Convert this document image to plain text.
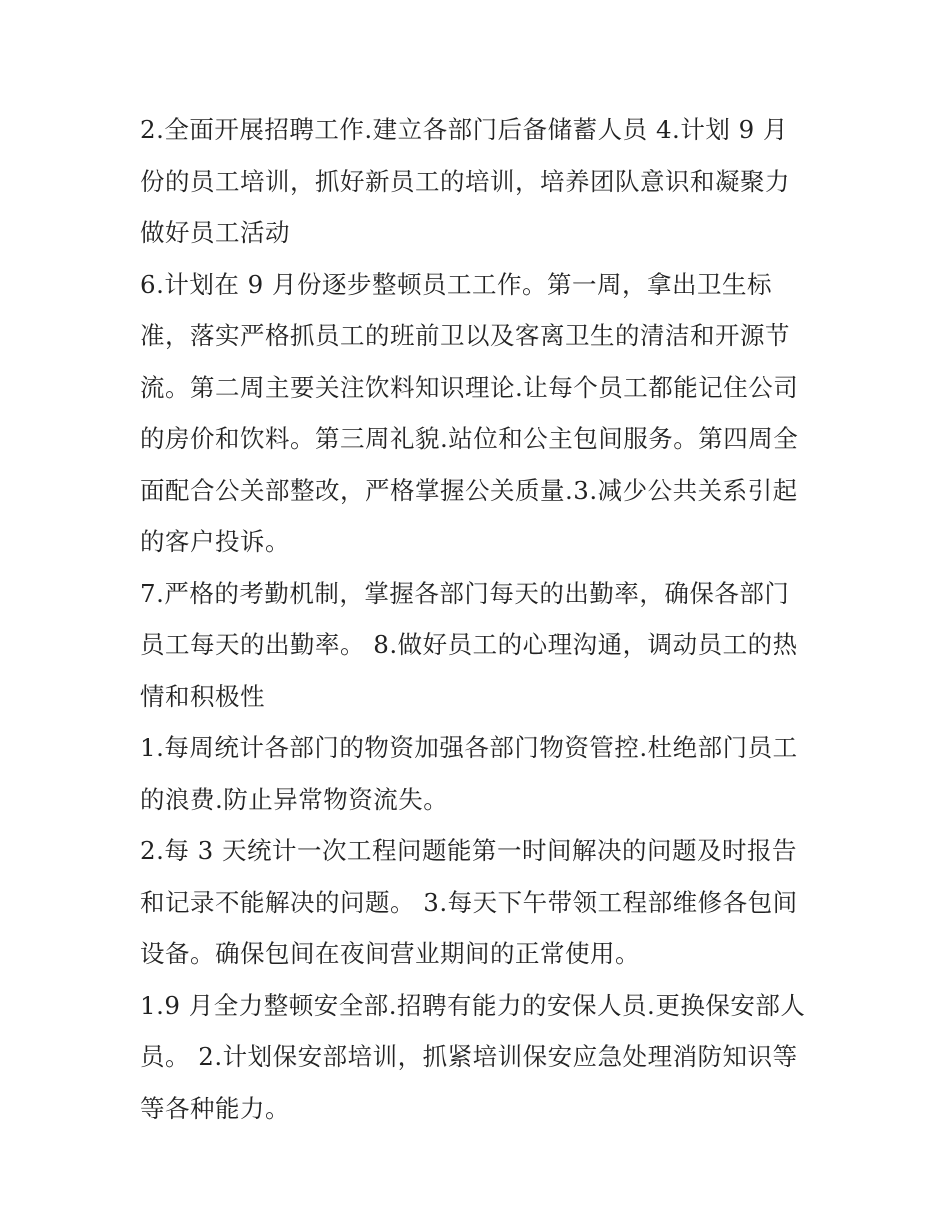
2.全面开展招聘工作.建立各部门后备储蓄人员 4.计划 9 月份的员工培训，抓好新员工的培训，培养团队意识和凝聚力做好员工活动

6.计划在 9 月份逐步整顿员工工作。第一周，拿出卫生标准，落实严格抓员工的班前卫以及客离卫生的清洁和开源节流。第二周主要关注饮料知识理论.让每个员工都能记住公司的房价和饮料。第三周礼貌.站位和公主包间服务。第四周全面配合公关部整改，严格掌握公关质量.3.减少公共关系引起的客户投诉。

7.严格的考勤机制，掌握各部门每天的出勤率，确保各部门员工每天的出勤率。 8.做好员工的心理沟通，调动员工的热情和积极性

1.每周统计各部门的物资加强各部门物资管控.杜绝部门员工的浪费.防止异常物资流失。

2.每 3 天统计一次工程问题能第一时间解决的问题及时报告和记录不能解决的问题。 3.每天下午带领工程部维修各包间设备。确保包间在夜间营业期间的正常使用。

1.9 月全力整顿安全部.招聘有能力的安保人员.更换保安部人员。 2.计划保安部培训，抓紧培训保安应急处理消防知识等等各种能力。
